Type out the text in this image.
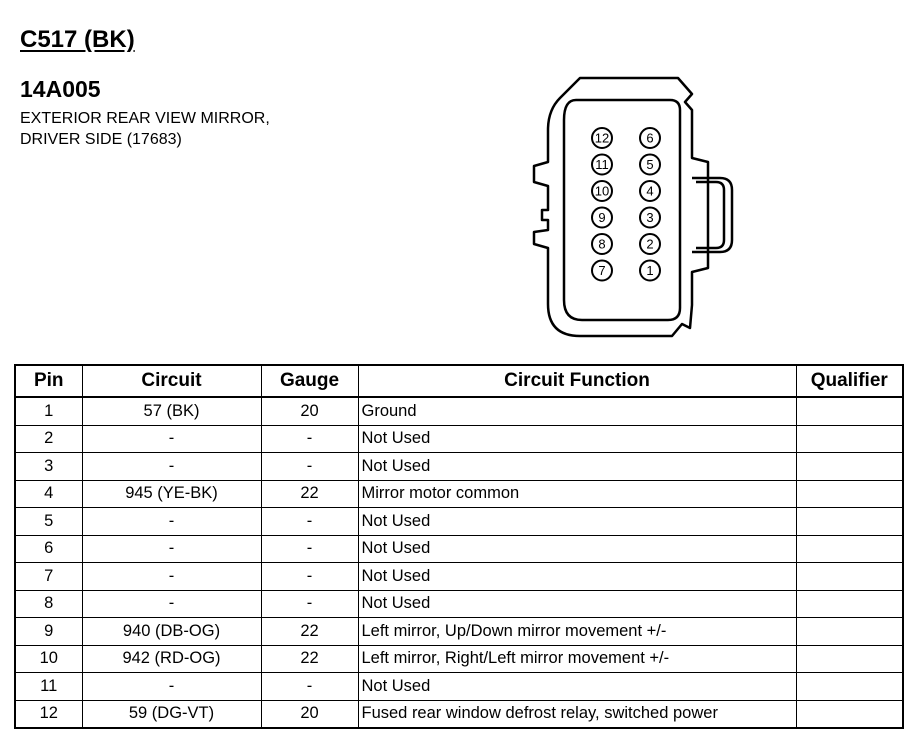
C517 (BK)
14A005
EXTERIOR REAR VIEW MIRROR,
DRIVER SIDE (17683)	12
11
10
9
8
7
6
5
4
3
2
1
Pin	Circuit	Gauge	Circuit Function	Qualifier
1	57 (BK)	20	Ground	
2	-	-	Not Used	
3	-	-	Not Used	
4	945 (YE-BK)	22	Mirror motor common	
5	-	-	Not Used	
6	-	-	Not Used	
7	-	-	Not Used	
8	-	-	Not Used	
9	940 (DB-OG)	22	Left mirror, Up/Down mirror movement +/-	
10	942 (RD-OG)	22	Left mirror, Right/Left mirror movement +/-	
11	-	-	Not Used	
12	59 (DG-VT)	20	Fused rear window defrost relay, switched power	
